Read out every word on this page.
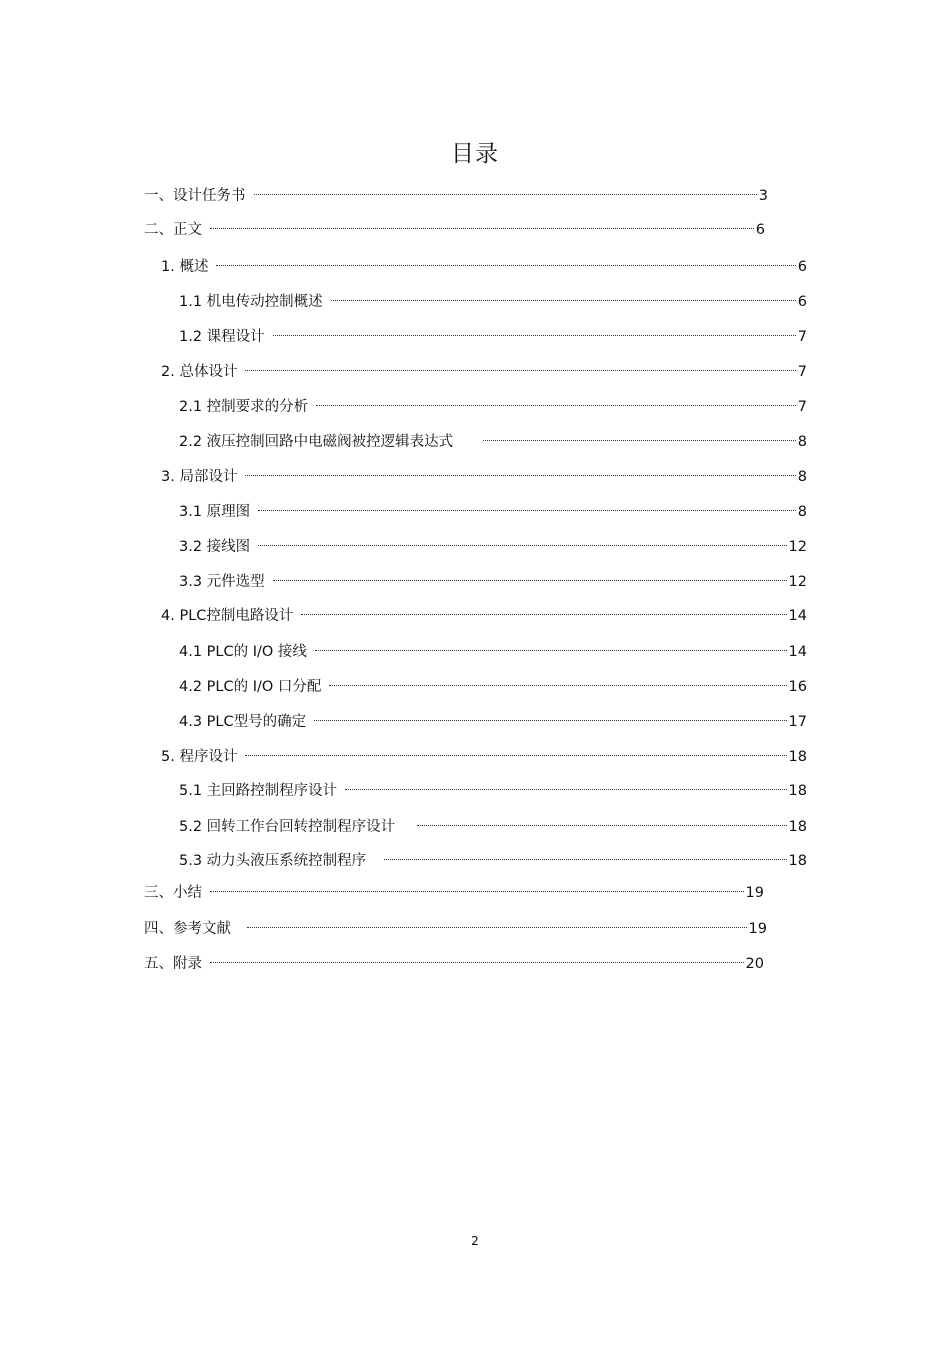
目录
一、设计任务书	3
二、正文	6
1. 概述	6
1.1 机电传动控制概述	6
1.2 课程设计	7
2. 总体设计	7
2.1 控制要求的分析	7
2.2 液压控制回路中电磁阀被控逻辑表达式	8
3. 局部设计	8
3.1 原理图	8
3.2 接线图	12
3.3 元件选型	12
4. PLC控制电路设计	14
4.1 PLC的 I/O 接线	14
4.2 PLC的 I/O 口分配	16
4.3 PLC型号的确定	17
5. 程序设计	18
5.1 主回路控制程序设计	18
5.2 回转工作台回转控制程序设计	18
5.3 动力头液压系统控制程序	18
三、小结	19
四、参考文献	19
五、附录	20
2
